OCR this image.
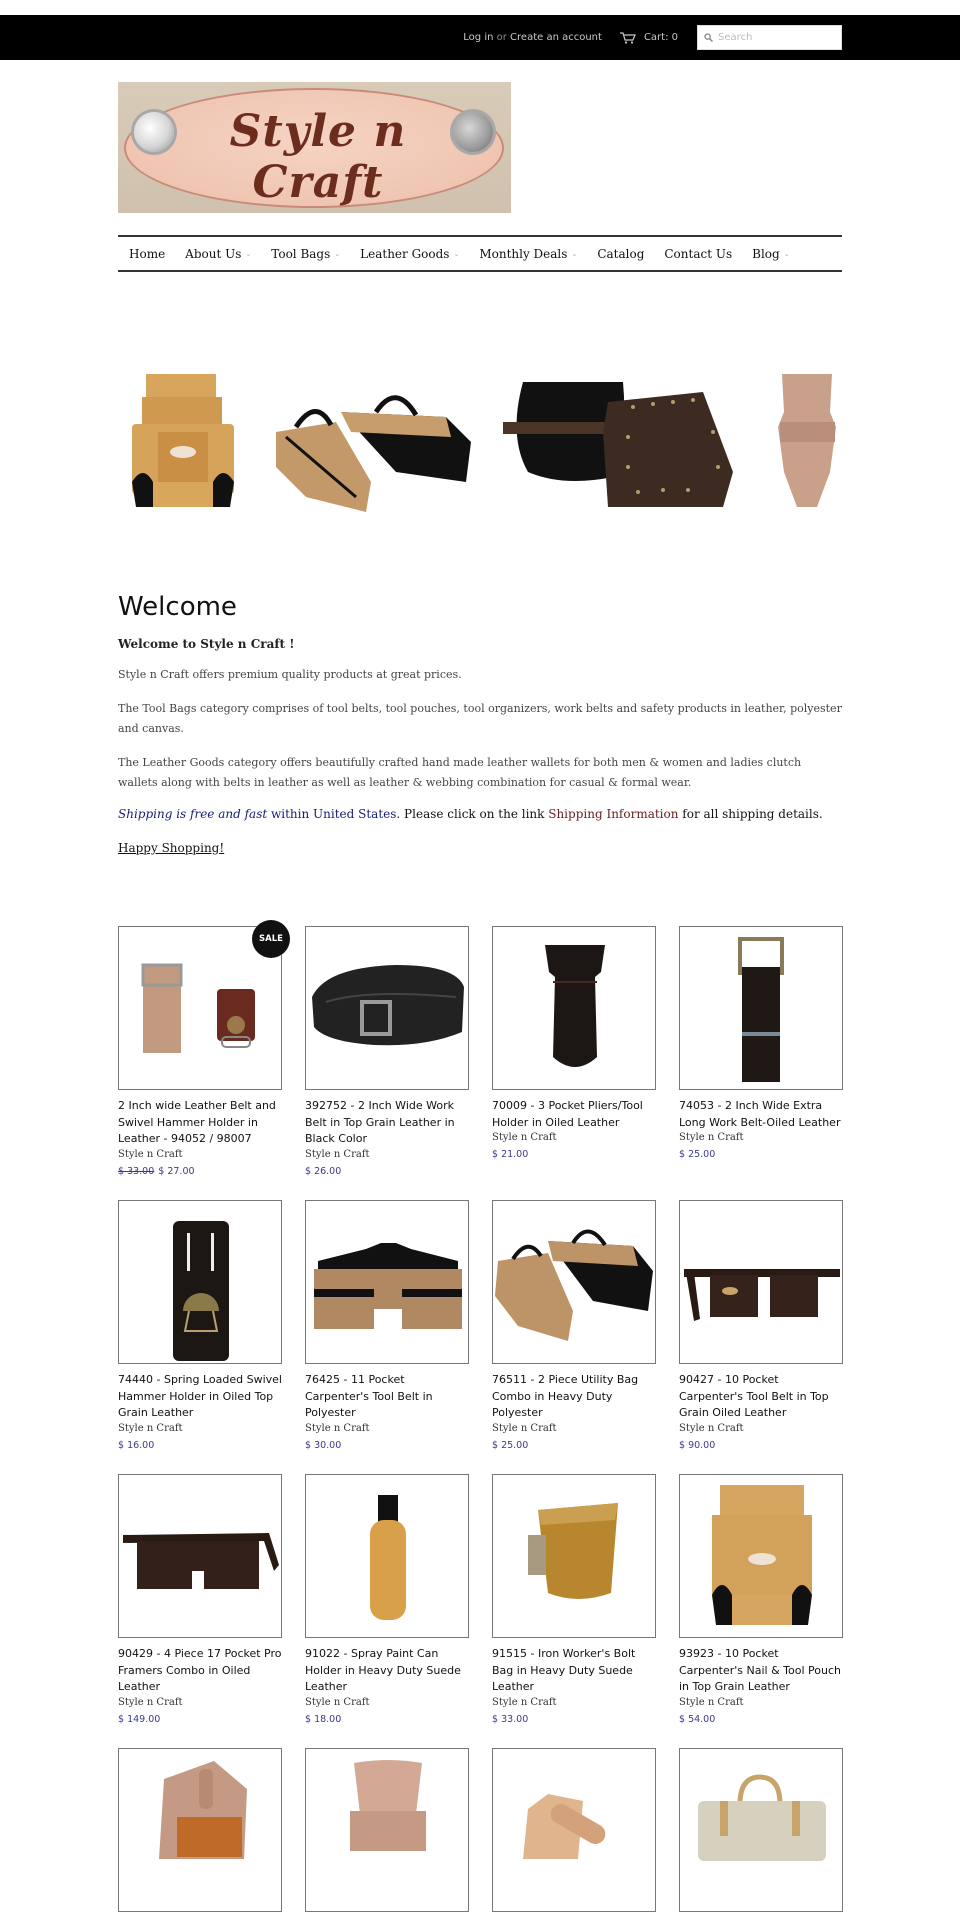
Log in or Create an account	Cart: 0
Search
Style n Craft
Home About Us ⌄ Tool Bags ⌄ Leather Goods ⌄ Monthly Deals ⌄ Catalog Contact Us Blog ⌄
Welcome
Welcome to Style n Craft !

Style n Craft offers premium quality products at great prices.

The Tool Bags category comprises of tool belts, tool pouches, tool organizers, work belts and safety products in leather, polyester and canvas.

The Leather Goods category offers beautifully crafted hand made leather wallets for both men & women and ladies clutch wallets along with belts in leather as well as leather & webbing combination for casual & formal wear.

Shipping is free and fast within United States. Please click on the link Shipping Information for all shipping details.
Happy Shopping!
SALE
2 Inch wide Leather Belt and Swivel Hammer Holder in Leather - 94052 / 98007
Style n Craft
$ 33.00 $ 27.00
392752 - 2 Inch Wide Work Belt in Top Grain Leather in Black Color
Style n Craft
$ 26.00
70009 - 3 Pocket Pliers/Tool Holder in Oiled Leather
Style n Craft
$ 21.00
74053 - 2 Inch Wide Extra Long Work Belt-Oiled Leather
Style n Craft
$ 25.00
74440 - Spring Loaded Swivel Hammer Holder in Oiled Top Grain Leather
Style n Craft
$ 16.00
76425 - 11 Pocket Carpenter's Tool Belt in Polyester
Style n Craft
$ 30.00
76511 - 2 Piece Utility Bag Combo in Heavy Duty Polyester
Style n Craft
$ 25.00
90427 - 10 Pocket Carpenter's Tool Belt in Top Grain Oiled Leather
Style n Craft
$ 90.00
90429 - 4 Piece 17 Pocket Pro Framers Combo in Oiled Leather
Style n Craft
$ 149.00
91022 - Spray Paint Can Holder in Heavy Duty Suede Leather
Style n Craft
$ 18.00
91515 - Iron Worker's Bolt Bag in Heavy Duty Suede Leather
Style n Craft
$ 33.00
93923 - 10 Pocket Carpenter's Nail & Tool Pouch in Top Grain Leather
Style n Craft
$ 54.00
